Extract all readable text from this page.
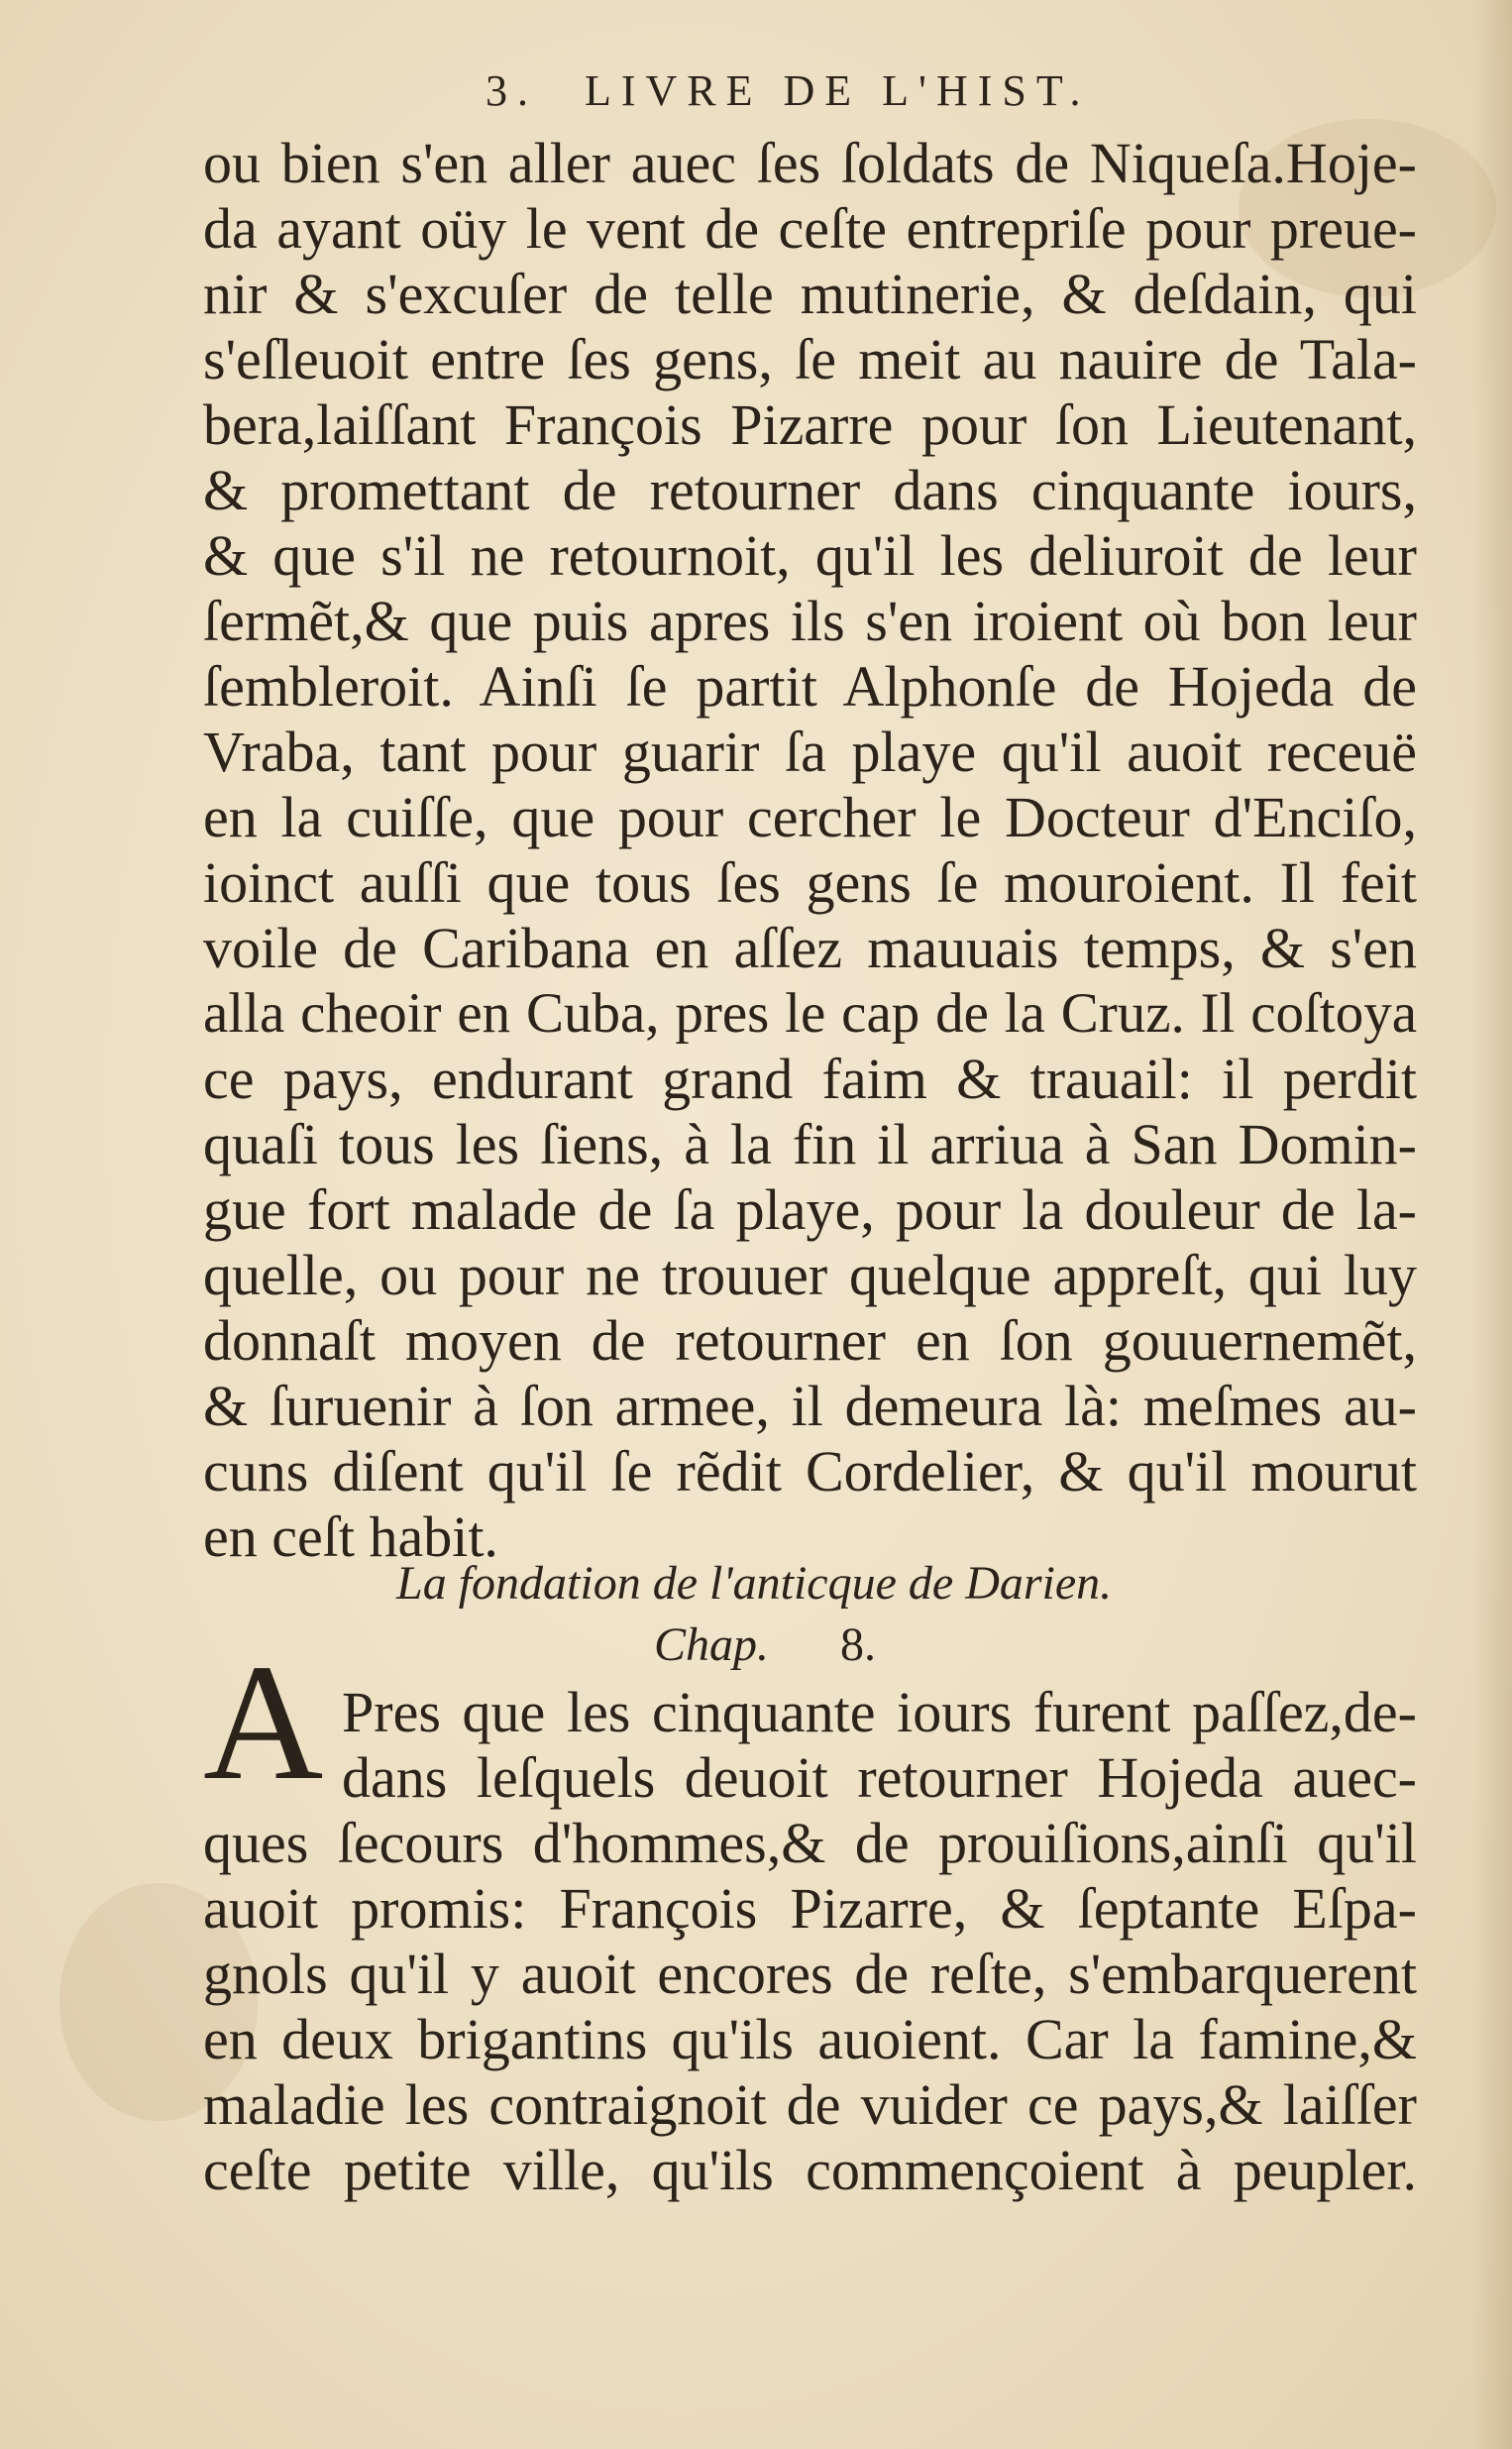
3. LIVRE DE L'HIST.
ou bien s'en aller auec ſes ſoldats de Niqueſa.Hoje-
da ayant oüy le vent de ceſte entrepriſe pour preue-
nir & s'excuſer de telle mutinerie, & deſdain, qui
s'eſleuoit entre ſes gens, ſe meit au nauire de Tala-
bera,laiſſant François Pizarre pour ſon Lieutenant,
& promettant de retourner dans cinquante iours,
& que s'il ne retournoit, qu'il les deliuroit de leur
ſermẽt,& que puis apres ils s'en iroient où bon leur
ſembleroit. Ainſi ſe partit Alphonſe de Hojeda de
Vraba, tant pour guarir ſa playe qu'il auoit receuë
en la cuiſſe, que pour cercher le Docteur d'Enciſo,
ioinct auſſi que tous ſes gens ſe mouroient. Il feit
voile de Caribana en aſſez mauuais temps, & s'en
alla cheoir en Cuba, pres le cap de la Cruz. Il coſtoya
ce pays, endurant grand faim & trauail: il perdit
quaſi tous les ſiens, à la fin il arriua à San Domin-
gue fort malade de ſa playe, pour la douleur de la-
quelle, ou pour ne trouuer quelque appreſt, qui luy
donnaſt moyen de retourner en ſon gouuernemẽt,
& ſuruenir à ſon armee, il demeura là: meſmes au-
cuns diſent qu'il ſe rẽdit Cordelier, & qu'il mourut
en ceſt habit.
La fondation de l'anticque de Darien.
Chap. 8.
A Pres que les cinquante iours furent paſſez,de-
dans leſquels deuoit retourner Hojeda auec-
ques ſecours d'hommes,& de prouiſions,ainſi qu'il
auoit promis: François Pizarre, & ſeptante Eſpa-
gnols qu'il y auoit encores de reſte, s'embarquerent
en deux brigantins qu'ils auoient. Car la famine,&
maladie les contraignoit de vuider ce pays,& laiſſer
ceſte petite ville, qu'ils commençoient à peupler.
